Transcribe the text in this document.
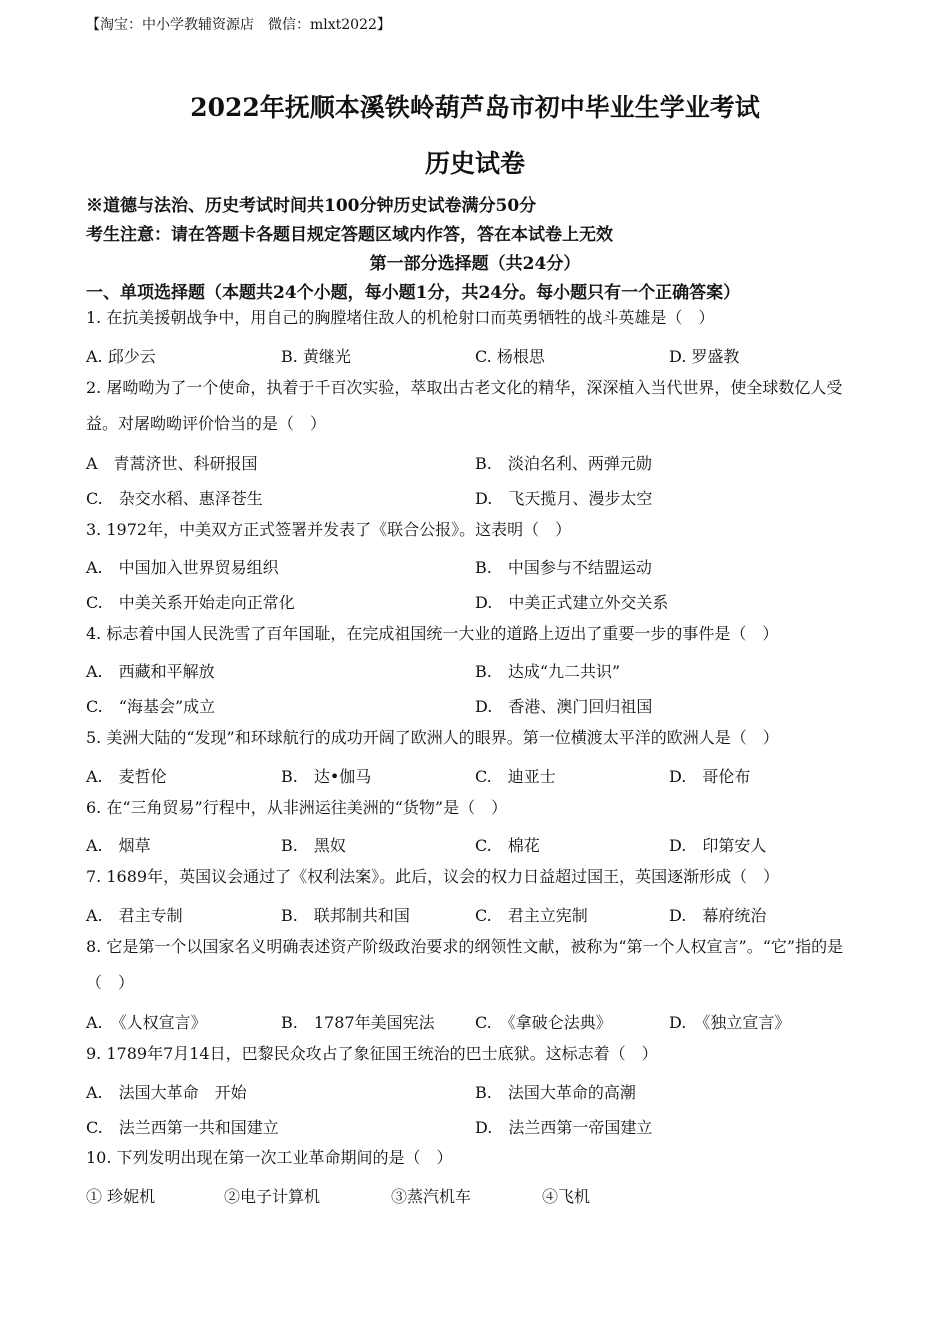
【淘宝：中小学教辅资源店　微信：mlxt2022】
2022年抚顺本溪铁岭葫芦岛市初中毕业生学业考试
历史试卷
※道德与法治、历史考试时间共100分钟历史试卷满分50分
考生注意：请在答题卡各题目规定答题区域内作答，答在本试卷上无效
第一部分选择题（共24分）
一、单项选择题（本题共24个小题，每小题1分，共24分。每小题只有一个正确答案）
1. 在抗美援朝战争中，用自己的胸膛堵住敌人的机枪射口而英勇牺牲的战斗英雄是（　）
A. 邱少云	B. 黄继光	C. 杨根思	D. 罗盛教
2. 屠呦呦为了一个使命，执着于千百次实验，萃取出古老文化的精华，深深植入当代世界，使全球数亿人受益。对屠呦呦评价恰当的是（　）
A　青蒿济世、科研报国	B.　淡泊名利、两弹元勋
C.　杂交水稻、惠泽苍生	D.　飞天揽月、漫步太空
3. 1972年，中美双方正式签署并发表了《联合公报》。这表明（　）
A.　中国加入世界贸易组织	B.　中国参与不结盟运动
C.　中美关系开始走向正常化	D.　中美正式建立外交关系
4. 标志着中国人民洗雪了百年国耻，在完成祖国统一大业的道路上迈出了重要一步的事件是（　）
A.　西藏和平解放	B.　达成“九二共识”
C.　“海基会”成立	D.　香港、澳门回归祖国
5. 美洲大陆的“发现”和环球航行的成功开阔了欧洲人的眼界。第一位横渡太平洋的欧洲人是（　）
A.　麦哲伦	B.　达•伽马	C.　迪亚士	D.　哥伦布
6. 在“三角贸易”行程中，从非洲运往美洲的“货物”是（　）
A.　烟草	B.　黑奴	C.　棉花	D.　印第安人
7. 1689年，英国议会通过了《权利法案》。此后，议会的权力日益超过国王，英国逐渐形成（　）
A.　君主专制	B.　联邦制共和国	C.　君主立宪制	D.　幕府统治
8. 它是第一个以国家名义明确表述资产阶级政治要求的纲领性文献，被称为“第一个人权宣言”。“它”指的是（　）
A.　《人权宣言》	B.　1787年美国宪法	C.　《拿破仑法典》	D.　《独立宣言》
9. 1789年7月14日，巴黎民众攻占了象征国王统治的巴士底狱。这标志着（　）
A.　法国大革命　开始	B.　法国大革命的高潮
C.　法兰西第一共和国建立	D.　法兰西第一帝国建立
10. 下列发明出现在第一次工业革命期间的是（　）
① 珍妮机	②电子计算机	③蒸汽机车	④飞机
